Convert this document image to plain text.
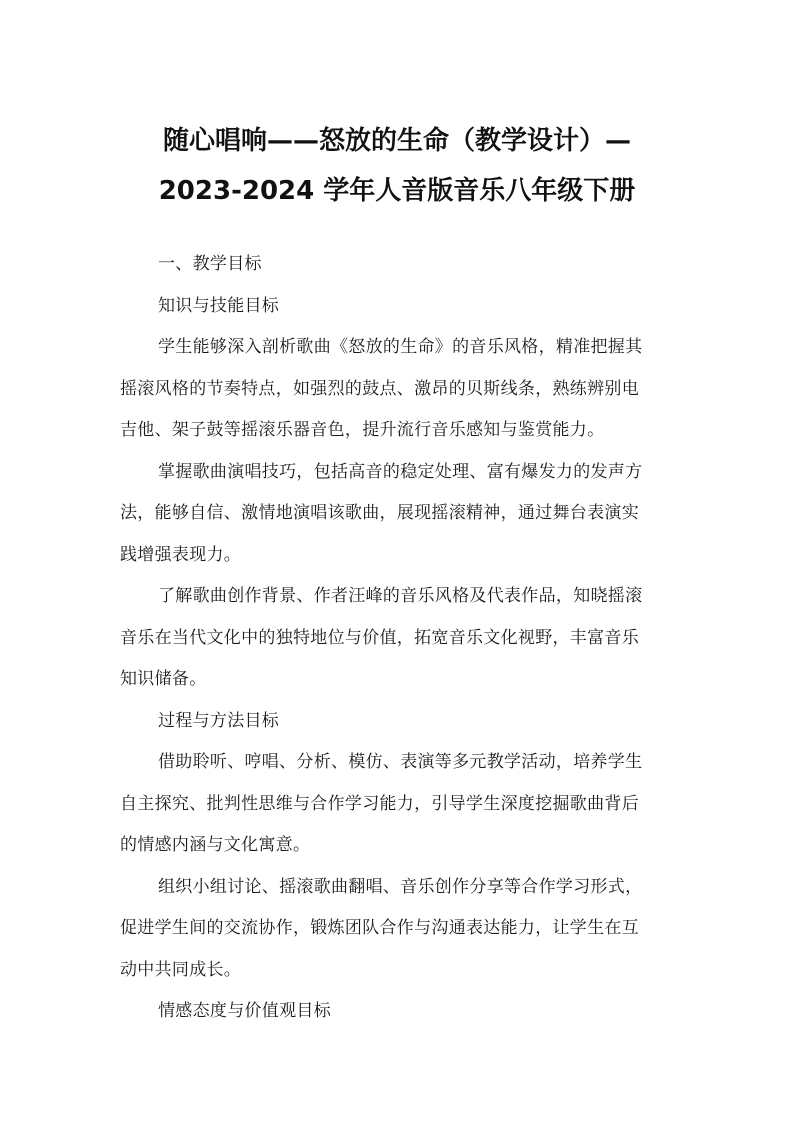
随心唱响——怒放的生命（教学设计）—
2023-2024 学年人音版音乐八年级下册
一、教学目标
知识与技能目标
学生能够深入剖析歌曲《怒放的生命》的音乐风格，精准把握其
摇滚风格的节奏特点，如强烈的鼓点、激昂的贝斯线条，熟练辨别电
吉他、架子鼓等摇滚乐器音色，提升流行音乐感知与鉴赏能力。
掌握歌曲演唱技巧，包括高音的稳定处理、富有爆发力的发声方
法，能够自信、激情地演唱该歌曲，展现摇滚精神，通过舞台表演实
践增强表现力。
了解歌曲创作背景、作者汪峰的音乐风格及代表作品，知晓摇滚
音乐在当代文化中的独特地位与价值，拓宽音乐文化视野，丰富音乐
知识储备。
过程与方法目标
借助聆听、哼唱、分析、模仿、表演等多元教学活动，培养学生
自主探究、批判性思维与合作学习能力，引导学生深度挖掘歌曲背后
的情感内涵与文化寓意。
组织小组讨论、摇滚歌曲翻唱、音乐创作分享等合作学习形式，
促进学生间的交流协作，锻炼团队合作与沟通表达能力，让学生在互
动中共同成长。
情感态度与价值观目标
